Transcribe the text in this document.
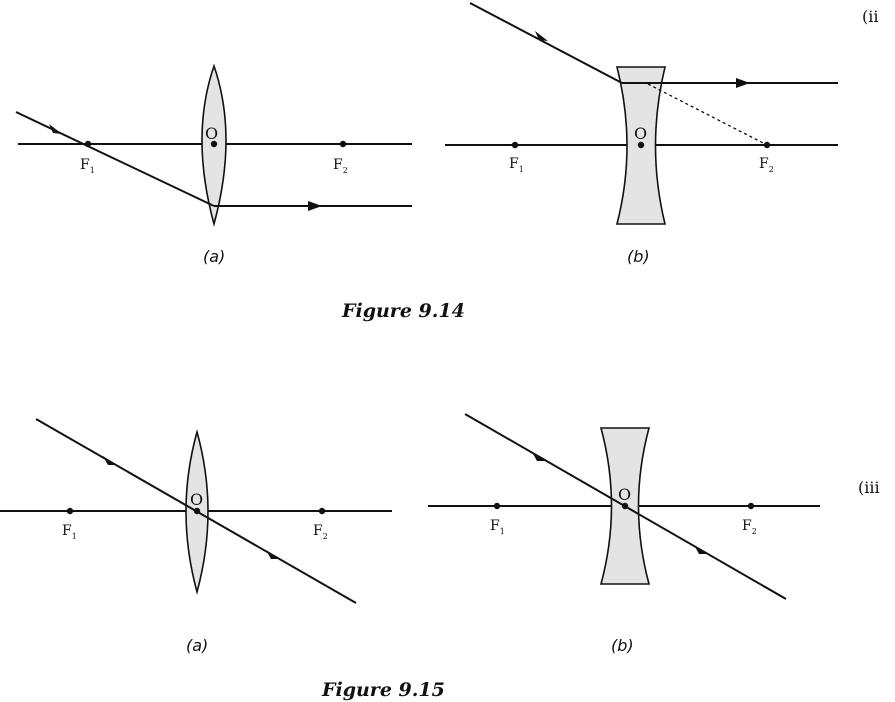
O
$F_1$	$F_2$
(a)
O
$F_1$	$F_2$
(b)
(ii
Figure 9.14
O
$F_1$	$F_2$
(a)
O
$F_1$	$F_2$
(b)
(iii
Figure 9.15
